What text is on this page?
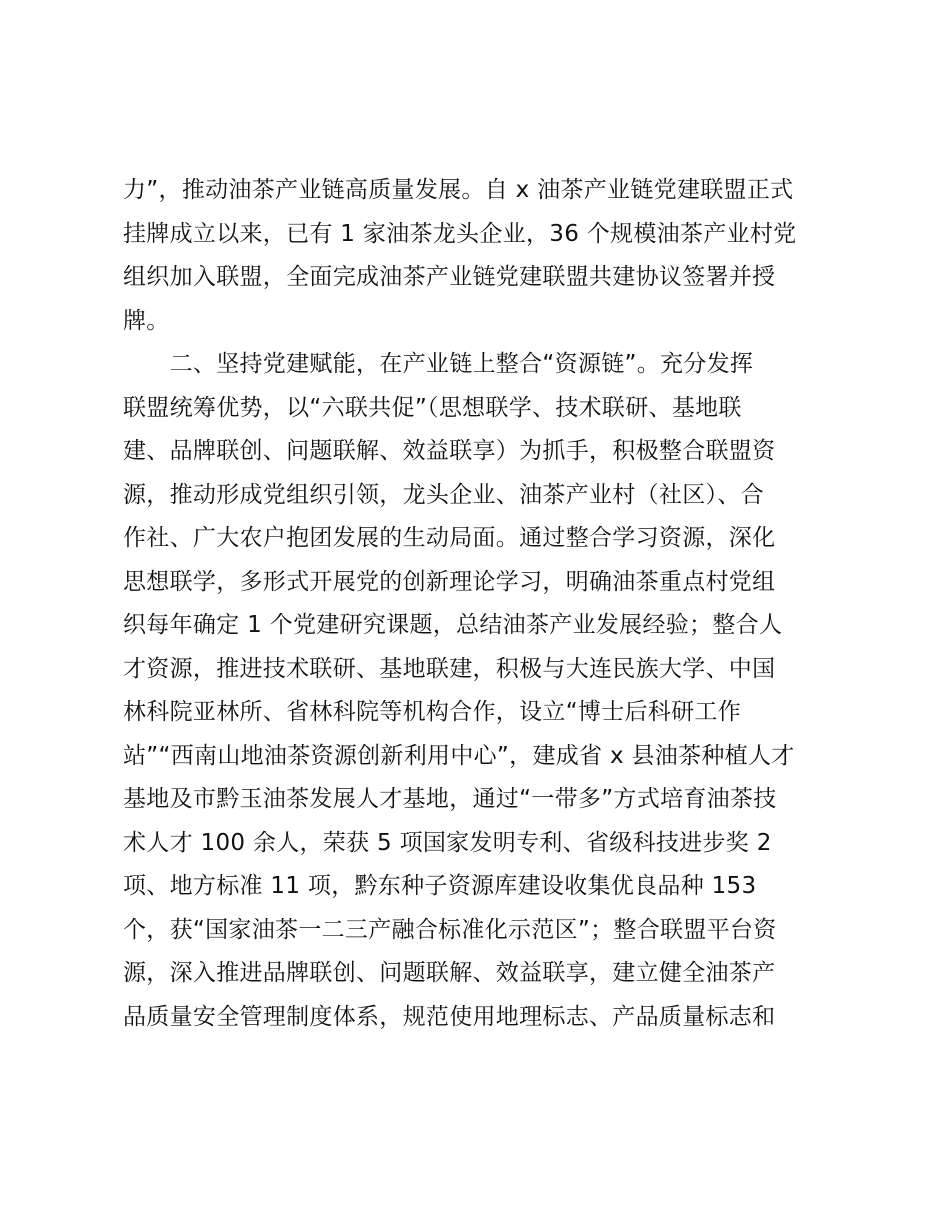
力”，推动油茶产业链高质量发展。自 x 油茶产业链党建联盟正式
挂牌成立以来，已有 1 家油茶龙头企业，36 个规模油茶产业村党
组织加入联盟，全面完成油茶产业链党建联盟共建协议签署并授
牌。
　　二、坚持党建赋能，在产业链上整合“资源链”。充分发挥
联盟统筹优势，以“六联共促”（思想联学、技术联研、基地联
建、品牌联创、问题联解、效益联享）为抓手，积极整合联盟资
源，推动形成党组织引领，龙头企业、油茶产业村（社区）、合
作社、广大农户抱团发展的生动局面。通过整合学习资源，深化
思想联学，多形式开展党的创新理论学习，明确油茶重点村党组
织每年确定 1 个党建研究课题，总结油茶产业发展经验；整合人
才资源，推进技术联研、基地联建，积极与大连民族大学、中国
林科院亚林所、省林科院等机构合作，设立“博士后科研工作
站”“西南山地油茶资源创新利用中心”，建成省 x 县油茶种植人才
基地及市黔玉油茶发展人才基地，通过“一带多”方式培育油茶技
术人才 100 余人，荣获 5 项国家发明专利、省级科技进步奖 2
项、地方标准 11 项，黔东种子资源库建设收集优良品种 153
个，获“国家油茶一二三产融合标准化示范区”；整合联盟平台资
源，深入推进品牌联创、问题联解、效益联享，建立健全油茶产
品质量安全管理制度体系，规范使用地理标志、产品质量标志和
